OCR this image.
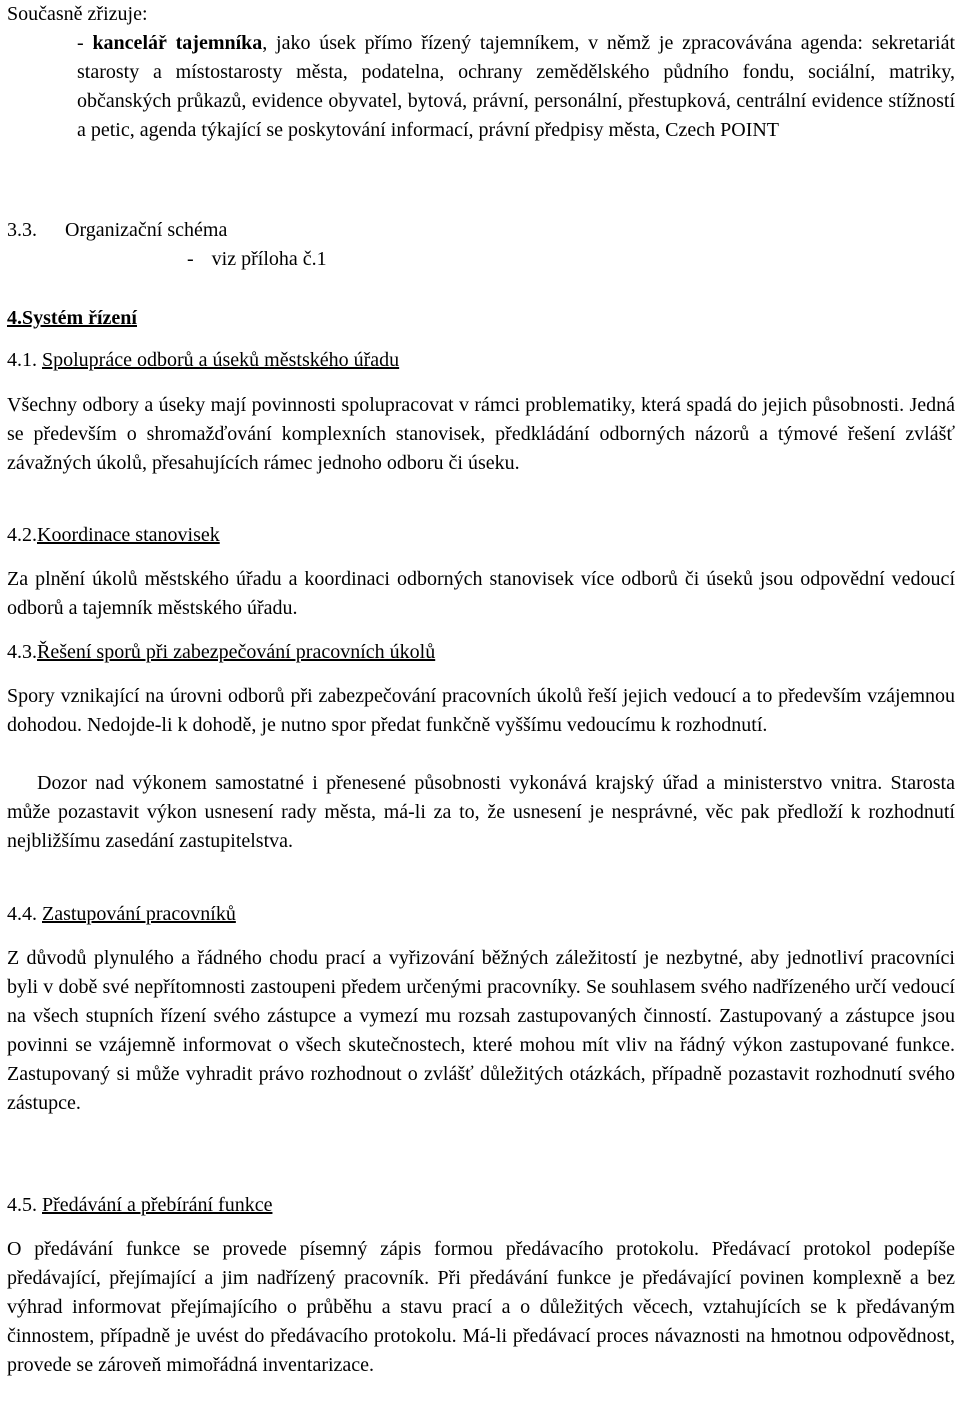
Současně zřizuje:
- kancelář tajemníka, jako úsek přímo řízený tajemníkem, v němž je zpracovávána agenda: sekretariát starosty a místostarosty města, podatelna, ochrany zemědělského půdního fondu, sociální, matriky, občanských průkazů, evidence obyvatel, bytová, právní, personální, přestupková, centrální evidence stížností a petic, agenda týkající se poskytování informací, právní předpisy města, Czech POINT
3.3. Organizační schéma
- viz příloha č.1
4.Systém řízení
4.1. Spolupráce odborů a úseků městského úřadu
Všechny odbory a úseky mají povinnosti spolupracovat v rámci problematiky, která spadá do jejich působnosti. Jedná se především o shromažďování komplexních stanovisek, předkládání odborných názorů a týmové řešení zvlášť závažných úkolů, přesahujících rámec jednoho odboru či úseku.
4.2.Koordinace stanovisek
Za plnění úkolů městského úřadu a koordinaci odborných stanovisek více odborů či úseků jsou odpovědní vedoucí odborů a tajemník městského úřadu.
4.3.Řešení sporů při zabezpečování pracovních úkolů
Spory vznikající na úrovni odborů při zabezpečování pracovních úkolů řeší jejich vedoucí a to především vzájemnou dohodou. Nedojde-li k dohodě, je nutno spor předat funkčně vyššímu vedoucímu k rozhodnutí.
Dozor nad výkonem samostatné i přenesené působnosti vykonává krajský úřad a ministerstvo vnitra. Starosta může pozastavit výkon usnesení rady města, má-li za to, že usnesení je nesprávné, věc pak předloží k rozhodnutí nejbližšímu zasedání zastupitelstva.
4.4. Zastupování pracovníků
Z důvodů plynulého a řádného chodu prací a vyřizování běžných záležitostí je nezbytné, aby jednotliví pracovníci byli v době své nepřítomnosti zastoupeni předem určenými pracovníky. Se souhlasem svého nadřízeného určí vedoucí na všech stupních řízení svého zástupce a vymezí mu rozsah zastupovaných činností. Zastupovaný a zástupce jsou povinni se vzájemně informovat o všech skutečnostech, které mohou mít vliv na řádný výkon zastupované funkce. Zastupovaný si může vyhradit právo rozhodnout o zvlášť důležitých otázkách, případně pozastavit rozhodnutí svého zástupce.
4.5. Předávání a přebírání funkce
O předávání funkce se provede písemný zápis formou předávacího protokolu. Předávací protokol podepíše předávající, přejímající a jim nadřízený pracovník. Při předávání funkce je předávající povinen komplexně a bez výhrad informovat přejímajícího o průběhu a stavu prací a o důležitých věcech, vztahujících se k předávaným činnostem, případně je uvést do předávacího protokolu. Má-li předávací proces návaznosti na hmotnou odpovědnost, provede se zároveň mimořádná inventarizace.
